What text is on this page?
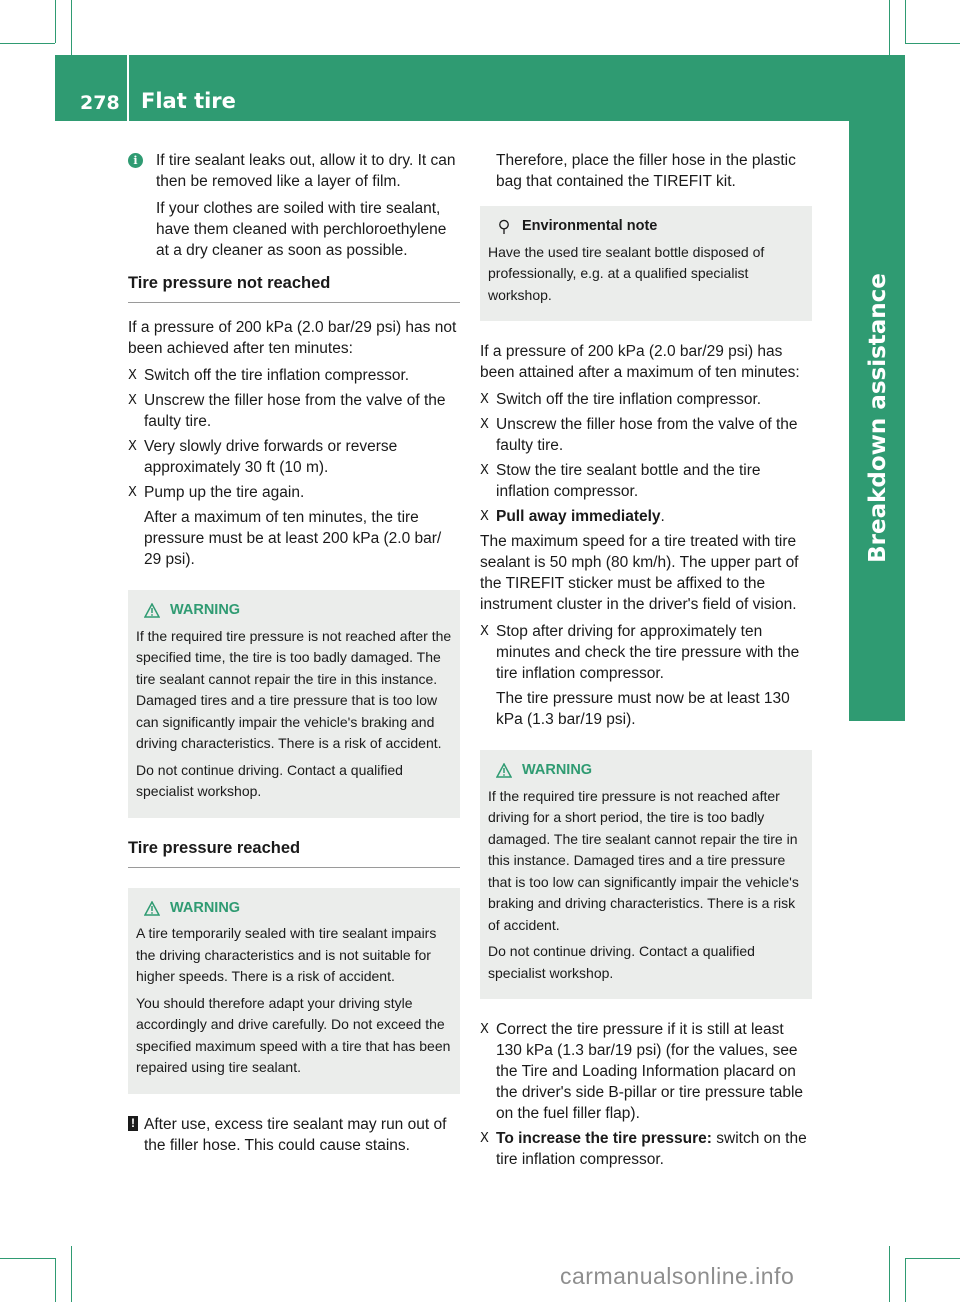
278 Flat tire
Breakdown assistance

i	If tire sealant leaks out, allow it to dry. It can then be removed like a layer of film.

If your clothes are soiled with tire sealant, have them cleaned with perchloroethylene at a dry cleaner as soon as possible.

Tire pressure not reached

If a pressure of 200 kPa (2.0 bar/29 psi) has not been achieved after ten minutes:

X Switch off the tire inflation compressor.
X Unscrew the filler hose from the valve of the faulty tire.
X Very slowly drive forwards or reverse approximately 30 ft (10 m).
X Pump up the tire again.

After a maximum of ten minutes, the tire pressure must be at least 200 kPa (2.0 bar/ 29 psi).

WARNING

If the required tire pressure is not reached after the specified time, the tire is too badly damaged. The tire sealant cannot repair the tire in this instance. Damaged tires and a tire pressure that is too low can significantly impair the vehicle's braking and driving characteristics. There is a risk of accident.

Do not continue driving. Contact a qualified specialist workshop.

Tire pressure reached
WARNING

A tire temporarily sealed with tire sealant impairs the driving characteristics and is not suitable for higher speeds. There is a risk of accident.

You should therefore adapt your driving style accordingly and drive carefully. Do not exceed the specified maximum speed with a tire that has been repaired using tire sealant.

! After use, excess tire sealant may run out of the filler hose. This could cause stains.

Therefore, place the filler hose in the plastic bag that contained the TIREFIT kit.

Environmental note

Have the used tire sealant bottle disposed of professionally, e.g. at a qualified specialist workshop.

If a pressure of 200 kPa (2.0 bar/29 psi) has been attained after a maximum of ten minutes:

X Switch off the tire inflation compressor.
X Unscrew the filler hose from the valve of the faulty tire.
X Stow the tire sealant bottle and the tire inflation compressor.
X Pull away immediately.

The maximum speed for a tire treated with tire sealant is 50 mph (80 km/h). The upper part of the TIREFIT sticker must be affixed to the instrument cluster in the driver's field of vision.

X Stop after driving for approximately ten minutes and check the tire pressure with the tire inflation compressor.

The tire pressure must now be at least 130 kPa (1.3 bar/19 psi).

WARNING

If the required tire pressure is not reached after driving for a short period, the tire is too badly damaged. The tire sealant cannot repair the tire in this instance. Damaged tires and a tire pressure that is too low can significantly impair the vehicle's braking and driving characteristics. There is a risk of accident.

Do not continue driving. Contact a qualified specialist workshop.

X Correct the tire pressure if it is still at least 130 kPa (1.3 bar/19 psi) (for the values, see the Tire and Loading Information placard on the driver's side B-pillar or tire pressure table on the fuel filler flap).
X To increase the tire pressure: switch on the tire inflation compressor.
carmanualsonline.info
